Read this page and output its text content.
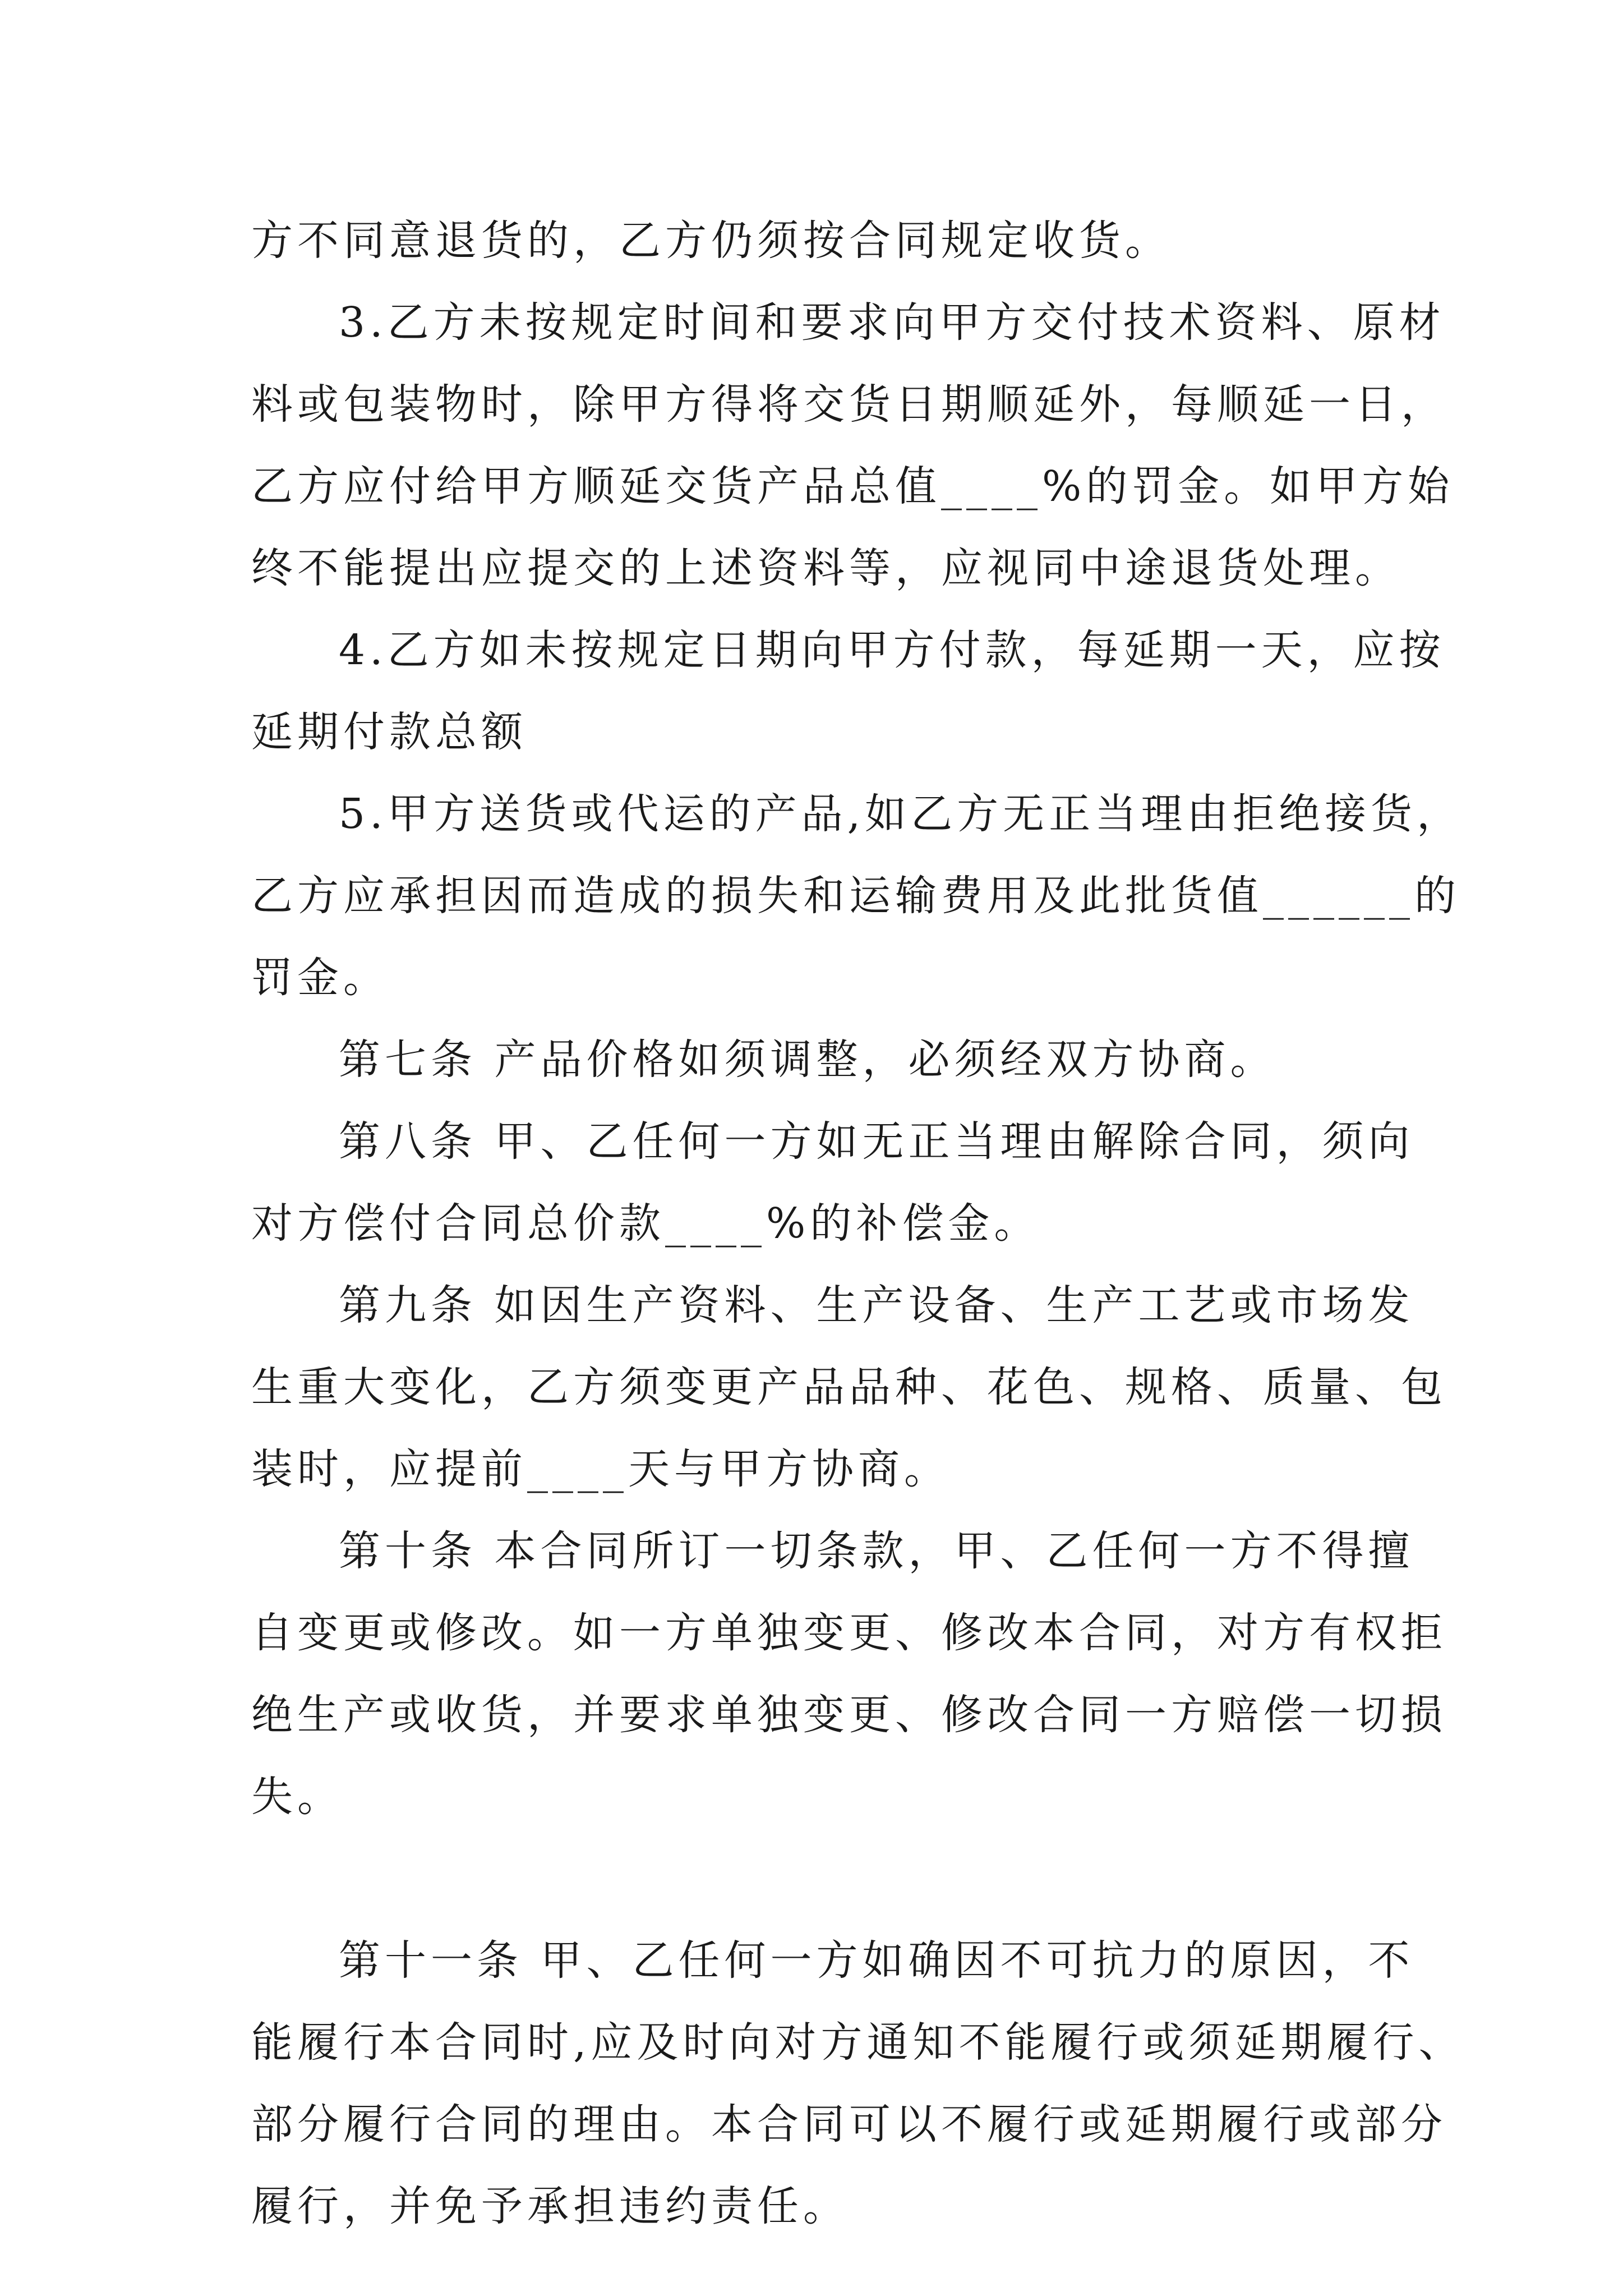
方不同意退货的，乙方仍须按合同规定收货。
3.乙方未按规定时间和要求向甲方交付技术资料、原材
料或包装物时，除甲方得将交货日期顺延外，每顺延一日，
乙方应付给甲方顺延交货产品总值____%的罚金。如甲方始
终不能提出应提交的上述资料等，应视同中途退货处理。
4.乙方如未按规定日期向甲方付款，每延期一天，应按
延期付款总额
5.甲方送货或代运的产品,如乙方无正当理由拒绝接货，
乙方应承担因而造成的损失和运输费用及此批货值______的
罚金。
第七条 产品价格如须调整，必须经双方协商。
第八条 甲、乙任何一方如无正当理由解除合同，须向
对方偿付合同总价款____%的补偿金。
第九条 如因生产资料、生产设备、生产工艺或市场发
生重大变化，乙方须变更产品品种、花色、规格、质量、包
装时，应提前____天与甲方协商。
第十条 本合同所订一切条款，甲、乙任何一方不得擅
自变更或修改。如一方单独变更、修改本合同，对方有权拒
绝生产或收货，并要求单独变更、修改合同一方赔偿一切损
失。
第十一条 甲、乙任何一方如确因不可抗力的原因，不
能履行本合同时,应及时向对方通知不能履行或须延期履行、
部分履行合同的理由。本合同可以不履行或延期履行或部分
履行，并免予承担违约责任。
